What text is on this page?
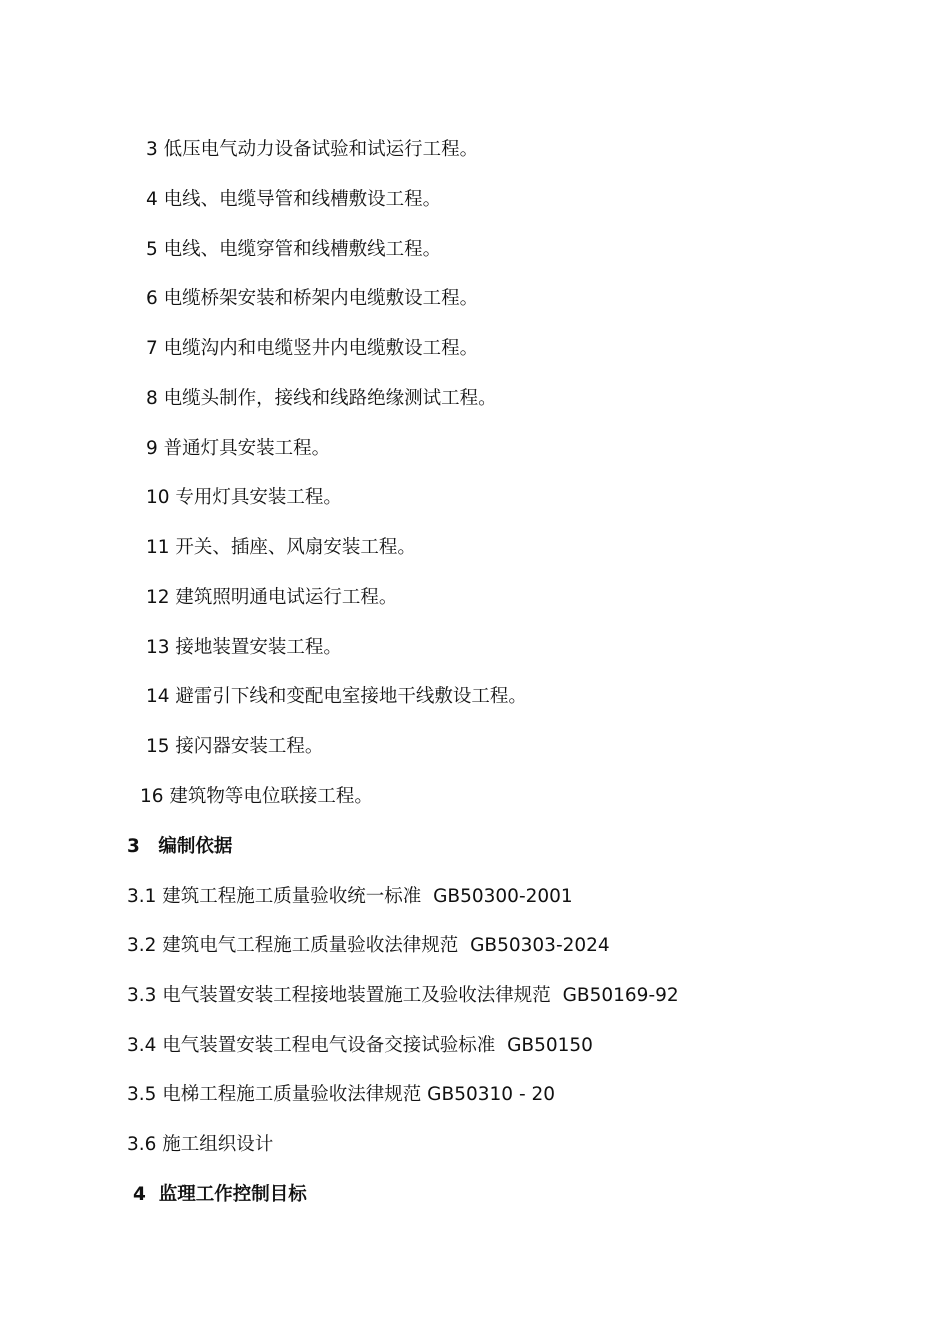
3 低压电气动力设备试验和试运行工程。
4 电线、电缆导管和线槽敷设工程。
5 电线、电缆穿管和线槽敷线工程。
6 电缆桥架安装和桥架内电缆敷设工程。
7 电缆沟内和电缆竖井内电缆敷设工程。
8 电缆头制作，接线和线路绝缘测试工程。
9 普通灯具安装工程。
10 专用灯具安装工程。
11 开关、插座、风扇安装工程。
12 建筑照明通电试运行工程。
13 接地装置安装工程。
14 避雷引下线和变配电室接地干线敷设工程。
15 接闪器安装工程。
16 建筑物等电位联接工程。
3　编制依据
3.1 建筑工程施工质量验收统一标准  GB50300-2001
3.2 建筑电气工程施工质量验收法律规范  GB50303-2024
3.3 电气装置安装工程接地装置施工及验收法律规范  GB50169-92
3.4 电气装置安装工程电气设备交接试验标准  GB50150
3.5 电梯工程施工质量验收法律规范 GB50310 - 20
3.6 施工组织设计
4  监理工作控制目标
